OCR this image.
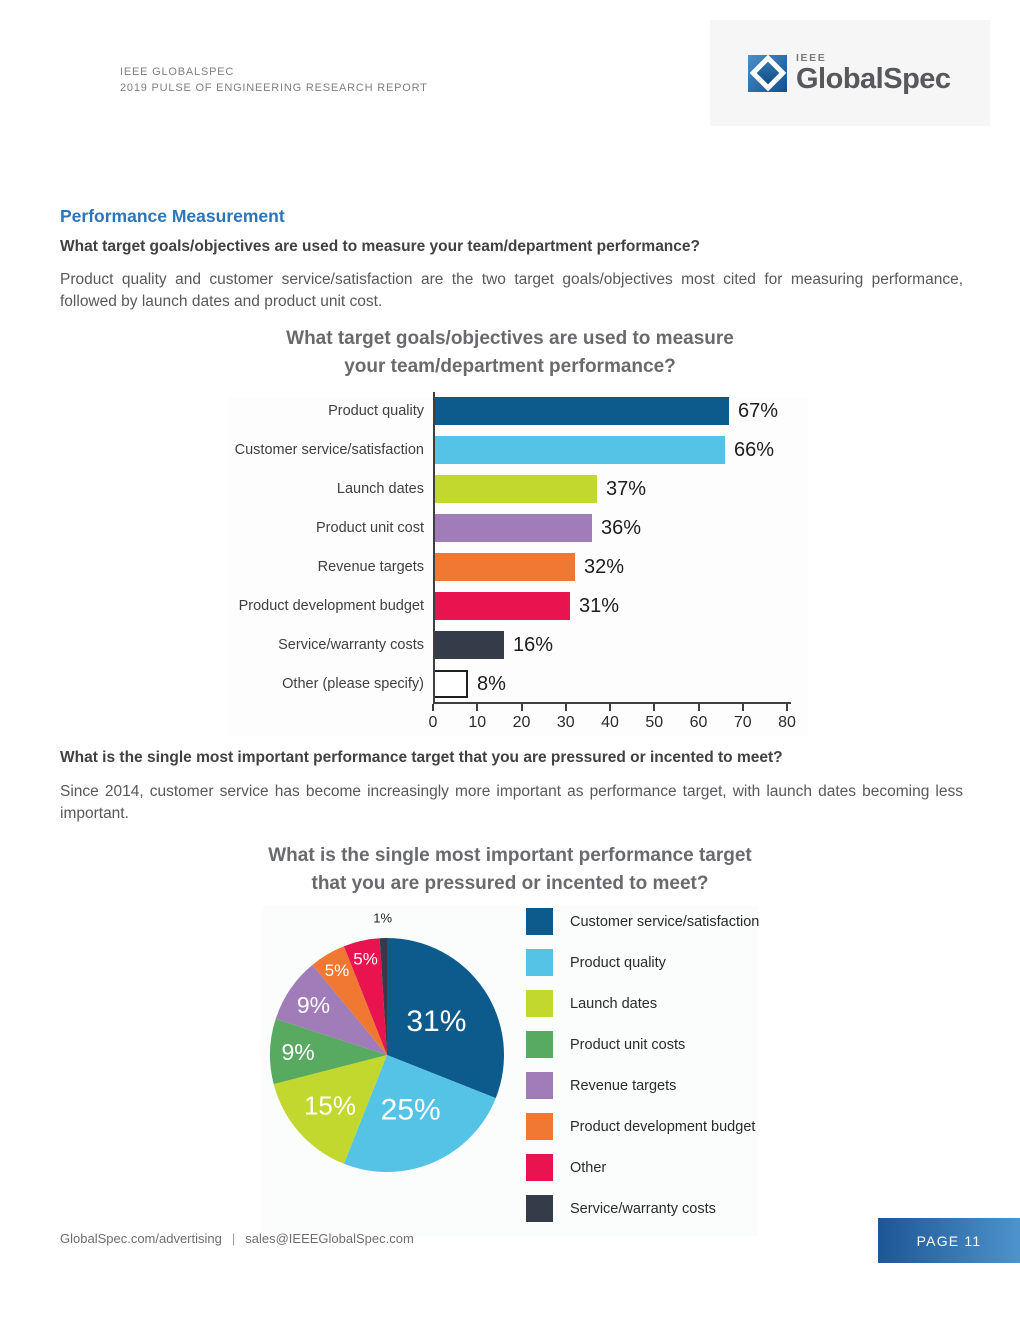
IEEE GLOBALSPEC
2019 PULSE OF ENGINEERING RESEARCH REPORT
IEEE
GlobalSpec
Performance Measurement

What target goals/objectives are used to measure your team/department performance?

Product quality and customer service/satisfaction are the two target goals/objectives most cited for measuring performance, followed by launch dates and product unit cost.

What target goals/objectives are used to measure
your team/department performance?
Product quality	67%
Customer service/satisfaction	66%
Launch dates	37%
Product unit cost	36%
Revenue targets	32%
Product development budget	31%
Service/warranty costs	16%
Other (please specify)	8%
0	10	20	30	40	50	60	70	80

What is the single most important performance target that you are pressured or incented to meet?

Since 2014, customer service has become increasingly more important as performance target, with launch dates becoming less important.

What is the single most important performance target
that you are pressured or incented to meet?
31%
25%
15%
9%
9%
5%
5%
1%	Customer service/satisfaction
Product quality
Launch dates
Product unit costs
Revenue targets
Product development budget
Other
Service/warranty costs
GlobalSpec.com/advertising | sales@IEEEGlobalSpec.com	PAGE 11
